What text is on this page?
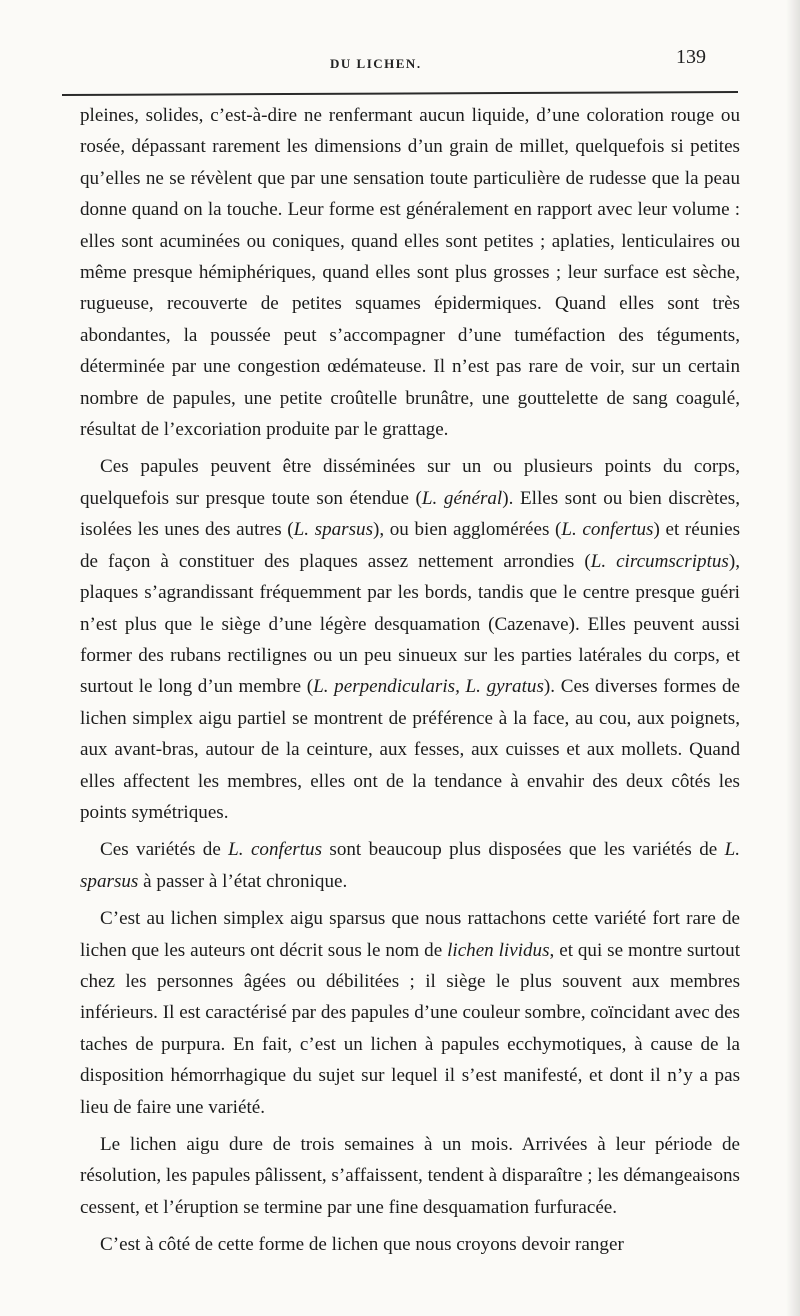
DU LICHEN.	139

pleines, solides, c’est-à-dire ne renfermant aucun liquide, d’une coloration rouge ou rosée, dépassant rarement les dimensions d’un grain de millet, quelquefois si petites qu’elles ne se révèlent que par une sensation toute particulière de rudesse que la peau donne quand on la touche. Leur forme est généralement en rapport avec leur volume : elles sont acuminées ou coniques, quand elles sont petites ; aplaties, lenticulaires ou même presque hémiphériques, quand elles sont plus grosses ; leur surface est sèche, rugueuse, recouverte de petites squames épidermiques. Quand elles sont très abondantes, la poussée peut s’accompagner d’une tuméfaction des téguments, déterminée par une congestion œdémateuse. Il n’est pas rare de voir, sur un certain nombre de papules, une petite croûtelle brunâtre, une gouttelette de sang coagulé, résultat de l’excoriation produite par le grattage.

Ces papules peuvent être disséminées sur un ou plusieurs points du corps, quelquefois sur presque toute son étendue (L. général). Elles sont ou bien discrètes, isolées les unes des autres (L. sparsus), ou bien agglomérées (L. confertus) et réunies de façon à constituer des plaques assez nettement arrondies (L. circumscriptus), plaques s’agrandissant fréquemment par les bords, tandis que le centre presque guéri n’est plus que le siège d’une légère desquamation (Cazenave). Elles peuvent aussi former des rubans rectilignes ou un peu sinueux sur les parties latérales du corps, et surtout le long d’un membre (L. perpendicularis, L. gyratus). Ces diverses formes de lichen simplex aigu partiel se montrent de préférence à la face, au cou, aux poignets, aux avant-bras, autour de la ceinture, aux fesses, aux cuisses et aux mollets. Quand elles affectent les membres, elles ont de la tendance à envahir des deux côtés les points symétriques.

Ces variétés de L. confertus sont beaucoup plus disposées que les variétés de L. sparsus à passer à l’état chronique.

C’est au lichen simplex aigu sparsus que nous rattachons cette variété fort rare de lichen que les auteurs ont décrit sous le nom de lichen lividus, et qui se montre surtout chez les personnes âgées ou débilitées ; il siège le plus souvent aux membres inférieurs. Il est caractérisé par des papules d’une couleur sombre, coïncidant avec des taches de purpura. En fait, c’est un lichen à papules ecchymotiques, à cause de la disposition hémorrhagique du sujet sur lequel il s’est manifesté, et dont il n’y a pas lieu de faire une variété.

Le lichen aigu dure de trois semaines à un mois. Arrivées à leur période de résolution, les papules pâlissent, s’affaissent, tendent à disparaître ; les démangeaisons cessent, et l’éruption se termine par une fine desquamation furfuracée.

C’est à côté de cette forme de lichen que nous croyons devoir ranger
